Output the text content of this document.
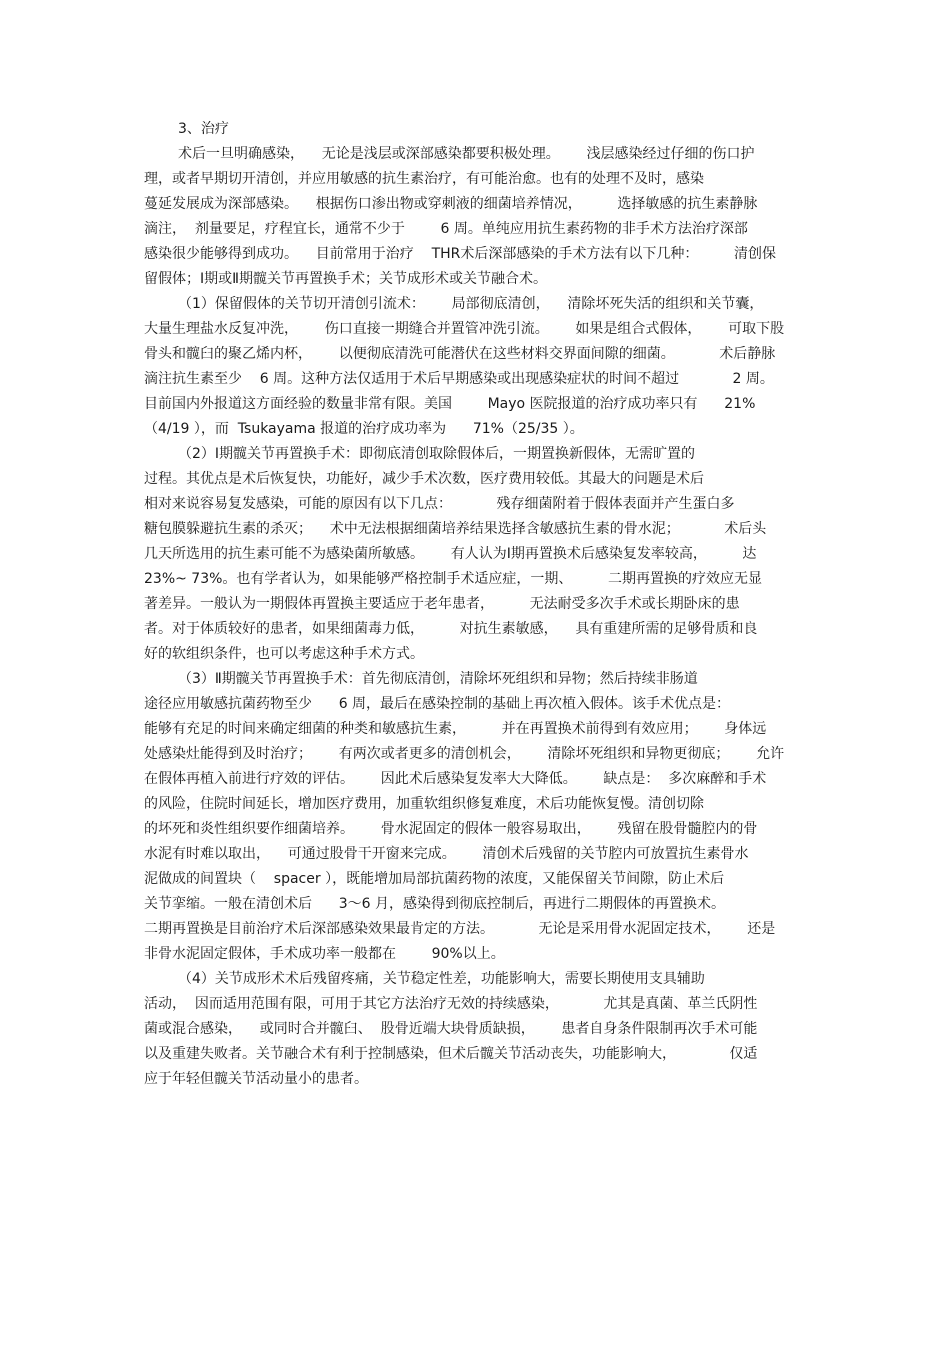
3、治疗
术后一旦明确感染，    无论是浅层或深部感染都要积极处理。      浅层感染经过仔细的伤口护
理，或者早期切开清创，并应用敏感的抗生素治疗，有可能治愈。也有的处理不及时，感染
蔓延发展成为深部感染。    根据伤口渗出物或穿刺液的细菌培养情况，        选择敏感的抗生素静脉
滴注，  剂量要足，疗程宜长，通常不少于        6 周。单纯应用抗生素药物的非手术方法治疗深部
感染很少能够得到成功。    目前常用于治疗    THR术后深部感染的手术方法有以下几种：        清创保
留假体；Ⅰ期或Ⅱ期髋关节再置换手术；关节成形术或关节融合术。
（1）保留假体的关节切开清创引流术：      局部彻底清创，    清除坏死失活的组织和关节囊，
大量生理盐水反复冲洗，      伤口直接一期缝合并置管冲洗引流。      如果是组合式假体，      可取下股
骨头和髋臼的聚乙烯内杯，      以便彻底清洗可能潜伏在这些材料交界面间隙的细菌。          术后静脉
滴注抗生素至少    6 周。这种方法仅适用于术后早期感染或出现感染症状的时间不超过            2 周。
目前国内外报道这方面经验的数量非常有限。美国        Mayo 医院报道的治疗成功率只有      21%
（4/19 ），而  Tsukayama 报道的治疗成功率为      71%（25/35 ）。
（2）Ⅰ期髋关节再置换手术：即彻底清创取除假体后，一期置换新假体，无需旷置的
过程。其优点是术后恢复快，功能好，减少手术次数，医疗费用较低。其最大的问题是术后
相对来说容易复发感染，可能的原因有以下几点：          残存细菌附着于假体表面并产生蛋白多
糖包膜躲避抗生素的杀灭；    术中无法根据细菌培养结果选择含敏感抗生素的骨水泥；          术后头
几天所选用的抗生素可能不为感染菌所敏感。      有人认为Ⅰ期再置换术后感染复发率较高，        达
23%~ 73%。也有学者认为，如果能够严格控制手术适应症，一期、        二期再置换的疗效应无显
著差异。一般认为一期假体再置换主要适应于老年患者，        无法耐受多次手术或长期卧床的患
者。对于体质较好的患者，如果细菌毒力低，        对抗生素敏感，    具有重建所需的足够骨质和良
好的软组织条件，也可以考虑这种手术方式。
（3）Ⅱ期髋关节再置换手术：首先彻底清创，清除坏死组织和异物；然后持续非肠道
途径应用敏感抗菌药物至少      6 周，最后在感染控制的基础上再次植入假体。该手术优点是：
能够有充足的时间来确定细菌的种类和敏感抗生素，        并在再置换术前得到有效应用；      身体远
处感染灶能得到及时治疗；      有两次或者更多的清创机会，      清除坏死组织和异物更彻底；      允许
在假体再植入前进行疗效的评估。      因此术后感染复发率大大降低。      缺点是：  多次麻醉和手术
的风险，住院时间延长，增加医疗费用，加重软组织修复难度，术后功能恢复慢。清创切除
的坏死和炎性组织要作细菌培养。      骨水泥固定的假体一般容易取出，      残留在股骨髓腔内的骨
水泥有时难以取出，    可通过股骨干开窗来完成。      清创术后残留的关节腔内可放置抗生素骨水
泥做成的间置块（    spacer ），既能增加局部抗菌药物的浓度，又能保留关节间隙，防止术后
关节挛缩。一般在清创术后      3～6 月，感染得到彻底控制后，再进行二期假体的再置换术。
二期再置换是目前治疗术后深部感染效果最肯定的方法。          无论是采用骨水泥固定技术，      还是
非骨水泥固定假体，手术成功率一般都在        90%以上。
（4）关节成形术术后残留疼痛，关节稳定性差，功能影响大，需要长期使用支具辅助
活动，  因而适用范围有限，可用于其它方法治疗无效的持续感染，          尤其是真菌、革兰氏阴性
菌或混合感染，    或同时合并髋臼、  股骨近端大块骨质缺损，      患者自身条件限制再次手术可能
以及重建失败者。关节融合术有利于控制感染，但术后髋关节活动丧失，功能影响大，            仅适
应于年轻但髋关节活动量小的患者。
